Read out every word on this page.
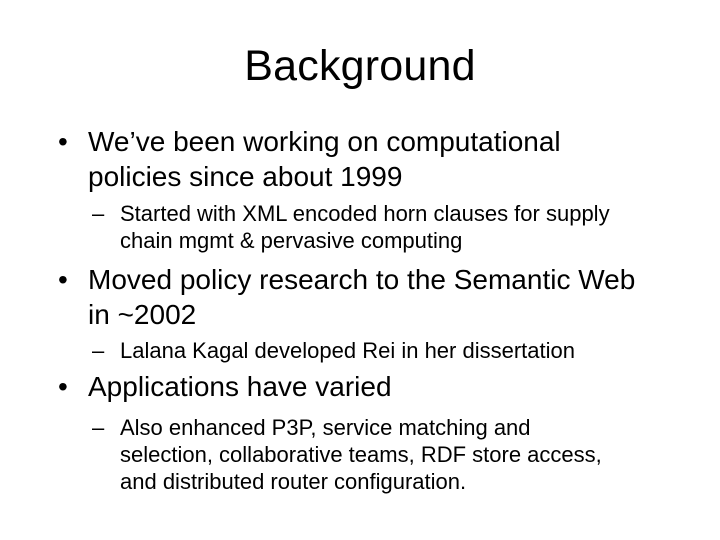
Background
• We’ve been working on computational
policies since about 1999
– Started with XML encoded horn clauses for supply
chain mgmt & pervasive computing
• Moved policy research to the Semantic Web
in ~2002
– Lalana Kagal developed Rei in her dissertation
• Applications have varied
– Also enhanced P3P, service matching and
selection, collaborative teams, RDF store access,
and distributed router configuration.
